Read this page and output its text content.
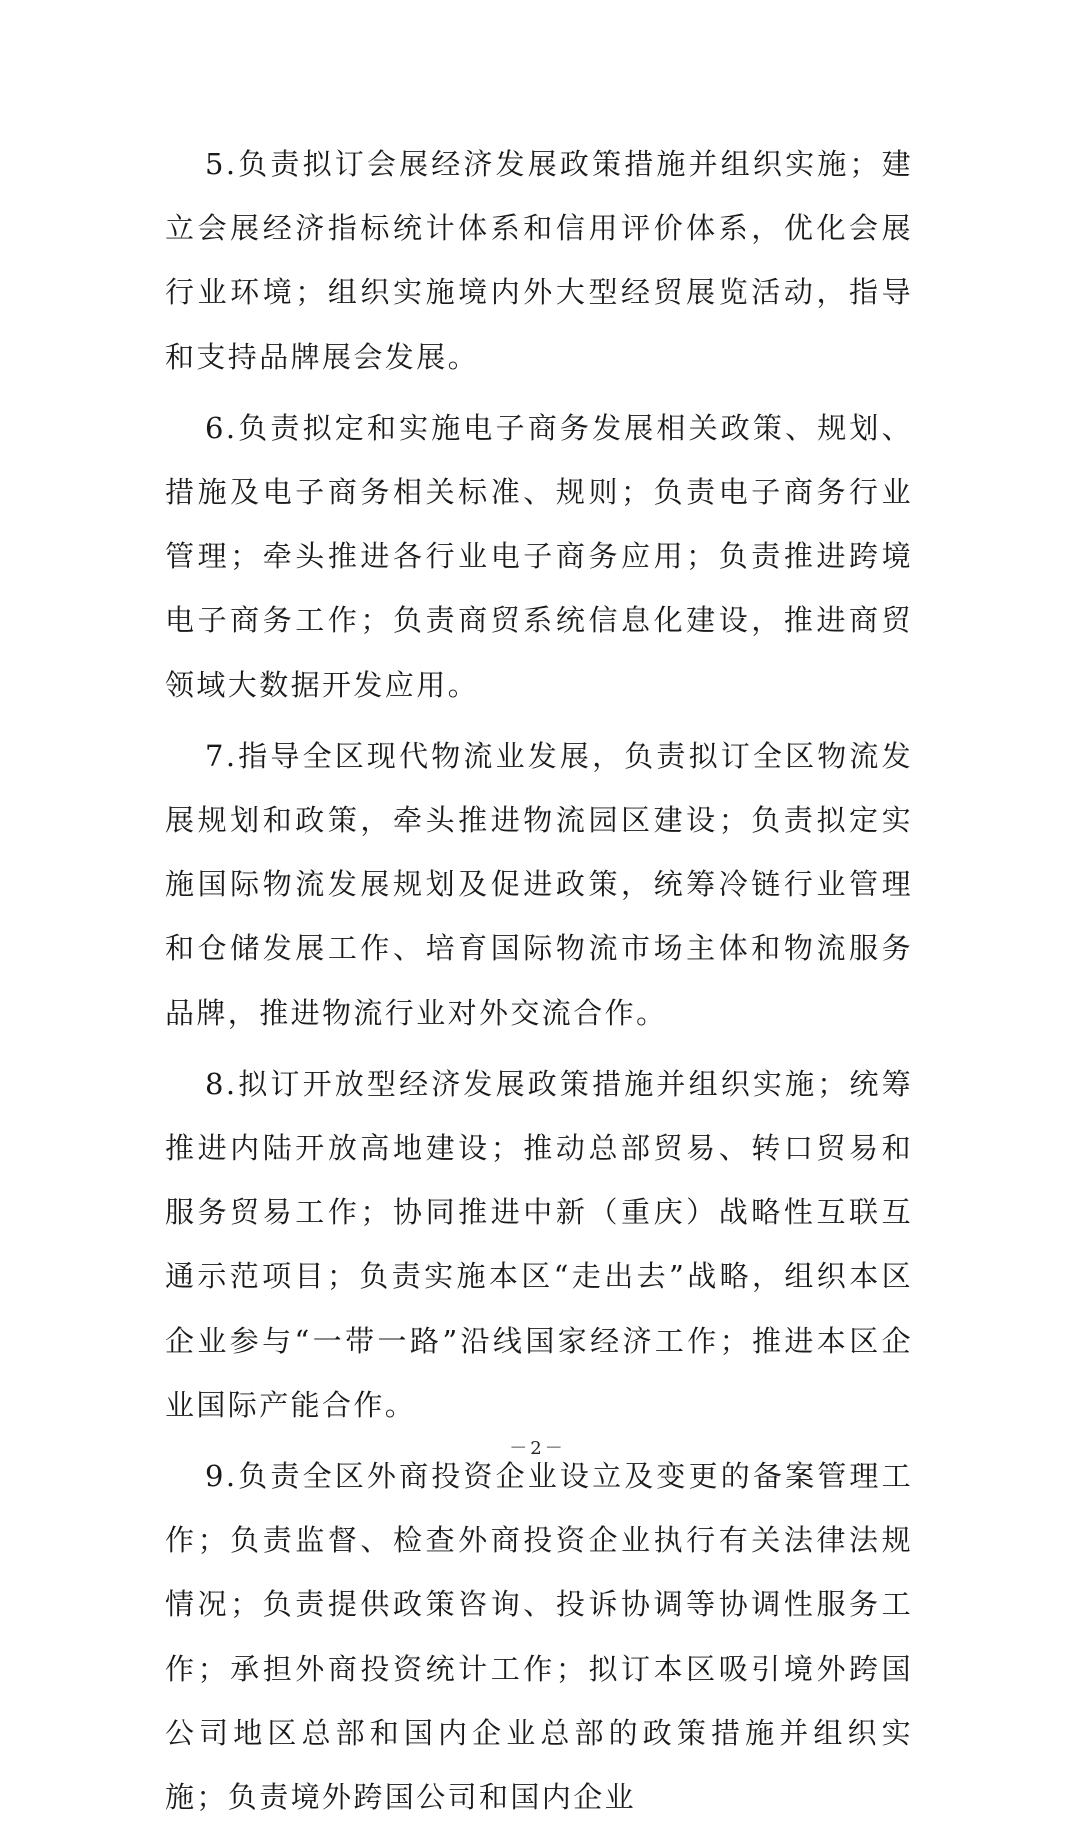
5.负责拟订会展经济发展政策措施并组织实施；建立会展经济指标统计体系和信用评价体系，优化会展行业环境；组织实施境内外大型经贸展览活动，指导和支持品牌展会发展。

6.负责拟定和实施电子商务发展相关政策、规划、措施及电子商务相关标准、规则；负责电子商务行业管理；牵头推进各行业电子商务应用；负责推进跨境电子商务工作；负责商贸系统信息化建设，推进商贸领域大数据开发应用。

7.指导全区现代物流业发展，负责拟订全区物流发展规划和政策，牵头推进物流园区建设；负责拟定实施国际物流发展规划及促进政策，统筹冷链行业管理和仓储发展工作、培育国际物流市场主体和物流服务品牌，推进物流行业对外交流合作。

8.拟订开放型经济发展政策措施并组织实施；统筹推进内陆开放高地建设；推动总部贸易、转口贸易和服务贸易工作；协同推进中新（重庆）战略性互联互通示范项目；负责实施本区“走出去”战略，组织本区企业参与“一带一路”沿线国家经济工作；推进本区企业国际产能合作。

9.负责全区外商投资企业设立及变更的备案管理工作；负责监督、检查外商投资企业执行有关法律法规情况；负责提供政策咨询、投诉协调等协调性服务工作；承担外商投资统计工作；拟订本区吸引境外跨国公司地区总部和国内企业总部的政策措施并组织实施；负责境外跨国公司和国内企业

－2－
